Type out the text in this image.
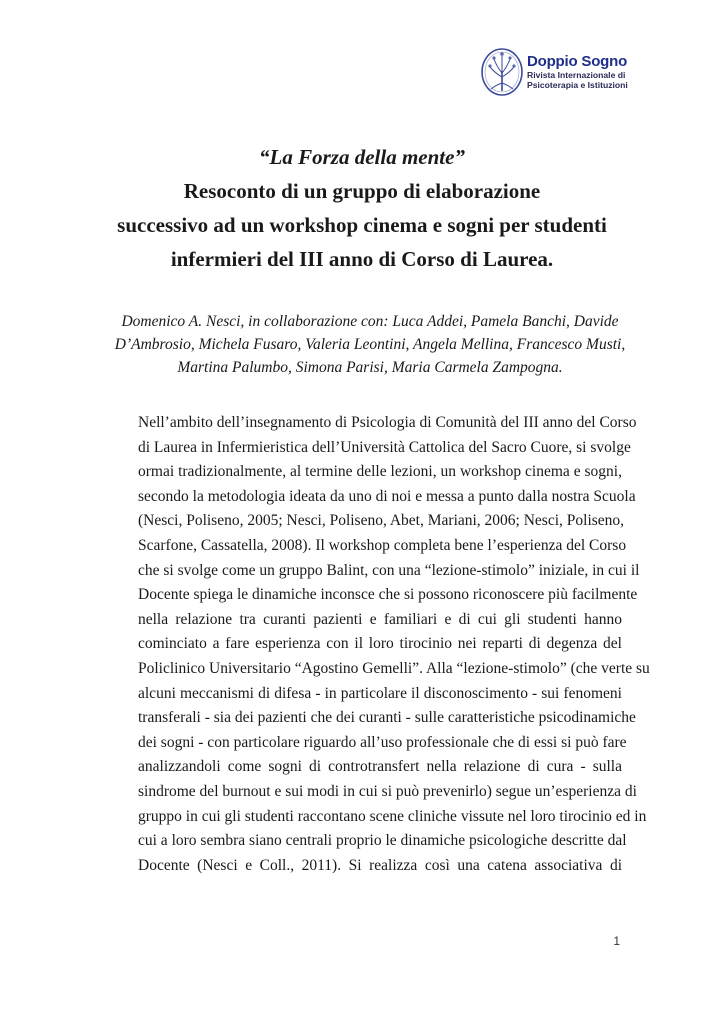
Doppio Sogno
Rivista Internazionale di
Psicoterapia e Istituzioni
“La Forza della mente”
Resoconto di un gruppo di elaborazione
successivo ad un workshop cinema e sogni per studenti
infermieri del III anno di Corso di Laurea.
Domenico A. Nesci, in collaborazione con: Luca Addei, Pamela Banchi, Davide
D’Ambrosio, Michela Fusaro, Valeria Leontini, Angela Mellina, Francesco Musti,
Martina Palumbo, Simona Parisi, Maria Carmela Zampogna.
Nell’ambito dell’insegnamento di Psicologia di Comunità del III anno del Corso
di Laurea in Infermieristica dell’Università Cattolica del Sacro Cuore, si svolge
ormai tradizionalmente, al termine delle lezioni, un workshop cinema e sogni,
secondo la metodologia ideata da uno di noi e messa a punto dalla nostra Scuola
(Nesci, Poliseno, 2005; Nesci, Poliseno, Abet, Mariani, 2006; Nesci, Poliseno,
Scarfone, Cassatella, 2008). Il workshop completa bene l’esperienza del Corso
che si svolge come un gruppo Balint, con una “lezione-stimolo” iniziale, in cui il
Docente spiega le dinamiche inconsce che si possono riconoscere più facilmente
nella relazione tra curanti pazienti e familiari e di cui gli studenti hanno
cominciato a fare esperienza con il loro tirocinio nei reparti di degenza del
Policlinico Universitario “Agostino Gemelli”. Alla “lezione-stimolo” (che verte su
alcuni meccanismi di difesa - in particolare il disconoscimento - sui fenomeni
transferali - sia dei pazienti che dei curanti - sulle caratteristiche psicodinamiche
dei sogni - con particolare riguardo all’uso professionale che di essi si può fare
analizzandoli come sogni di controtransfert nella relazione di cura - sulla
sindrome del burnout e sui modi in cui si può prevenirlo) segue un’esperienza di
gruppo in cui gli studenti raccontano scene cliniche vissute nel loro tirocinio ed in
cui a loro sembra siano centrali proprio le dinamiche psicologiche descritte dal
Docente (Nesci e Coll., 2011). Si realizza così una catena associativa di
1
